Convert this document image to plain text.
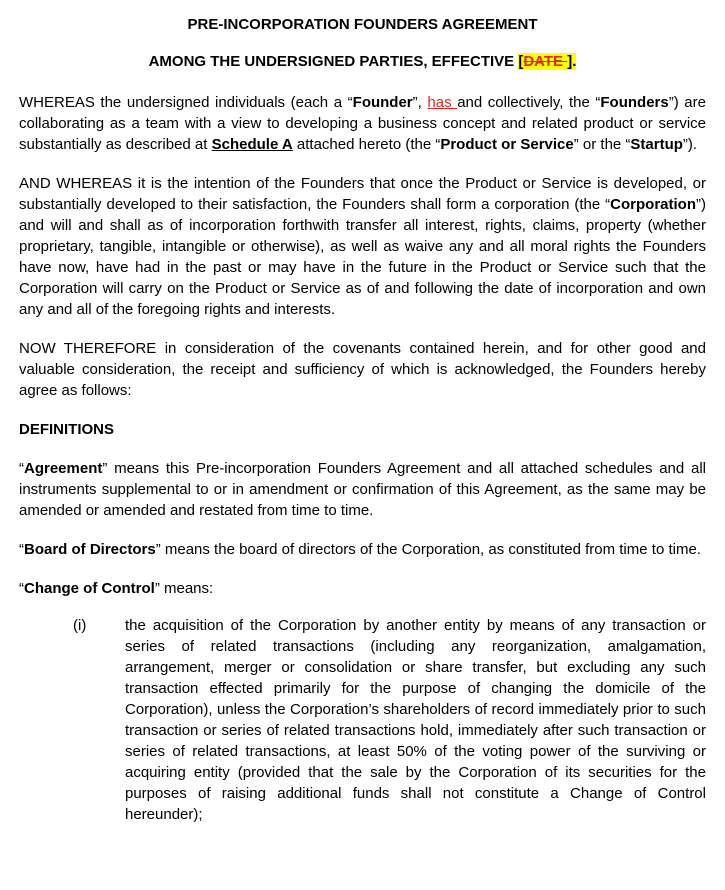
PRE-INCORPORATION FOUNDERS AGREEMENT
AMONG THE UNDERSIGNED PARTIES, EFFECTIVE [DATE ].

WHEREAS the undersigned individuals (each a “Founder”, has and collectively, the “Founders”) are collaborating as a team with a view to developing a business concept and related product or service substantially as described at Schedule A attached hereto (the “Product or Service” or the “Startup”).

AND WHEREAS it is the intention of the Founders that once the Product or Service is developed, or substantially developed to their satisfaction, the Founders shall form a corporation (the “Corporation”) and will and shall as of incorporation forthwith transfer all interest, rights, claims, property (whether proprietary, tangible, intangible or otherwise), as well as waive any and all moral rights the Founders have now, have had in the past or may have in the future in the Product or Service such that the Corporation will carry on the Product or Service as of and following the date of incorporation and own any and all of the foregoing rights and interests.

NOW THEREFORE in consideration of the covenants contained herein, and for other good and valuable consideration, the receipt and sufficiency of which is acknowledged, the Founders hereby agree as follows:

DEFINITIONS

“Agreement” means this Pre-incorporation Founders Agreement and all attached schedules and all instruments supplemental to or in amendment or confirmation of this Agreement, as the same may be amended or amended and restated from time to time.

“Board of Directors” means the board of directors of the Corporation, as constituted from time to time.

“Change of Control” means:

(i)	the acquisition of the Corporation by another entity by means of any transaction or series of related transactions (including any reorganization, amalgamation, arrangement, merger or consolidation or share transfer, but excluding any such transaction effected primarily for the purpose of changing the domicile of the Corporation), unless the Corporation’s shareholders of record immediately prior to such transaction or series of related transactions hold, immediately after such transaction or series of related transactions, at least 50% of the voting power of the surviving or acquiring entity (provided that the sale by the Corporation of its securities for the purposes of raising additional funds shall not constitute a Change of Control hereunder);
